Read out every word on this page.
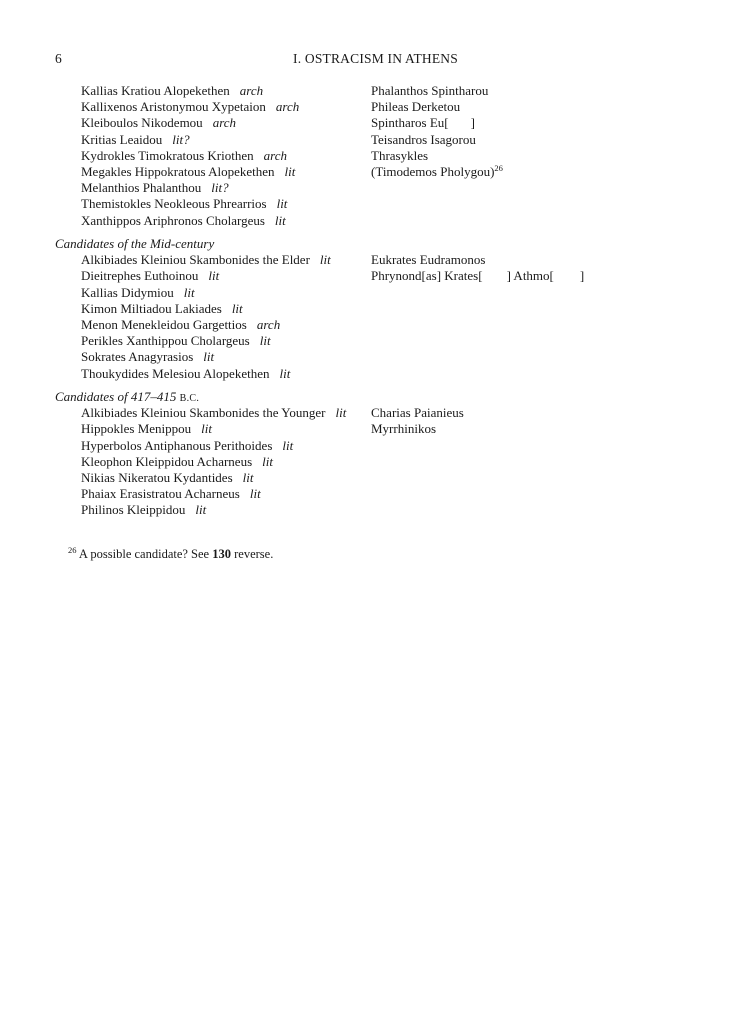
6	I. OSTRACISM IN ATHENS
Kallias Kratiou Alopekethen arch
Kallixenos Aristonymou Xypetaion arch
Kleiboulos Nikodemou arch
Kritias Leaidou lit?
Kydrokles Timokratous Kriothen arch
Megakles Hippokratous Alopekethen lit
Melanthios Phalanthou lit?
Themistokles Neokleous Phrearrios lit
Xanthippos Ariphronos Cholargeus lit
Phalanthos Spintharou
Phileas Derketou
Spintharos Eu[ ]
Teisandros Isagorou
Thrasykles
(Timodemos Pholygou)$^{26}$
Candidates of the Mid-century
Alkibiades Kleiniou Skambonides the Elder lit
Dieitrephes Euthoinou lit
Kallias Didymiou lit
Kimon Miltiadou Lakiades lit
Menon Menekleidou Gargettios arch
Perikles Xanthippou Cholargeus lit
Sokrates Anagyrasios lit
Thoukydides Melesiou Alopekethen lit
Eukrates Eudramonos
Phrynond[as] Krates[ ] Athmo[ ]
Candidates of 417–415 B.C.
Alkibiades Kleiniou Skambonides the Younger lit
Hippokles Menippou lit
Hyperbolos Antiphanous Perithoides lit
Kleophon Kleippidou Acharneus lit
Nikias Nikeratou Kydantides lit
Phaiax Erasistratou Acharneus lit
Philinos Kleippidou lit
Charias Paianieus
Myrrhinikos
$^{26}$ A possible candidate? See 130 reverse.
